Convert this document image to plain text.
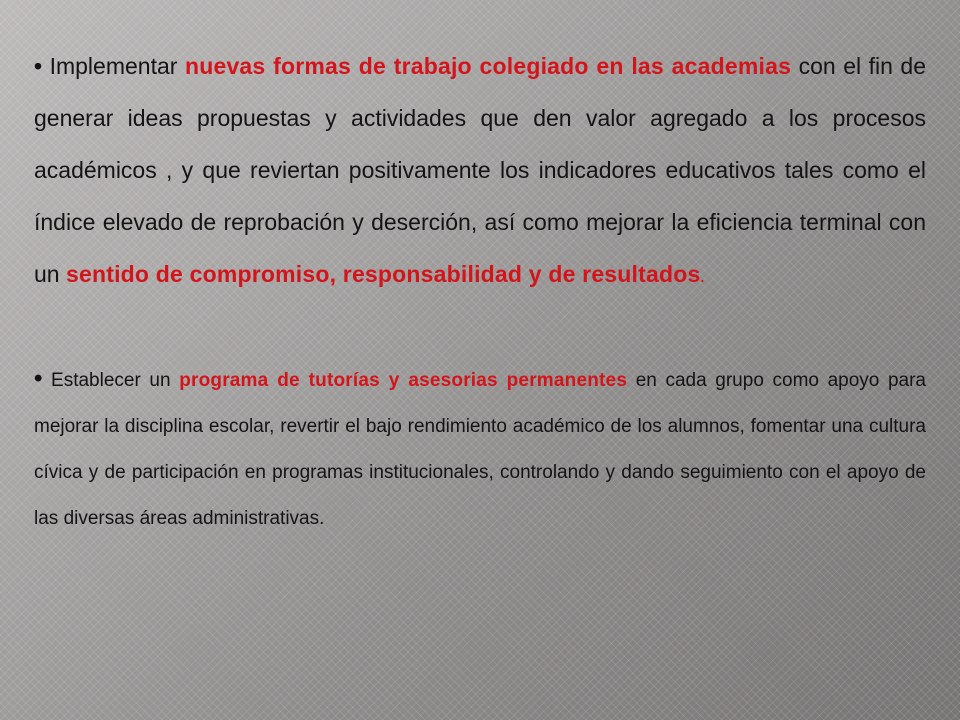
• Implementar nuevas formas de trabajo colegiado en las academias con el fin de generar ideas propuestas y actividades que den valor agregado a los procesos académicos , y que reviertan positivamente los indicadores educativos tales como el índice elevado de reprobación y deserción, así como mejorar la eficiencia terminal con un sentido de compromiso, responsabilidad y de resultados.

• Establecer un programa de tutorías y asesorias permanentes en cada grupo como apoyo para mejorar la disciplina escolar, revertir el bajo rendimiento académico de los alumnos, fomentar una cultura cívica y de participación en programas institucionales, controlando y dando seguimiento con el apoyo de las diversas áreas administrativas.
